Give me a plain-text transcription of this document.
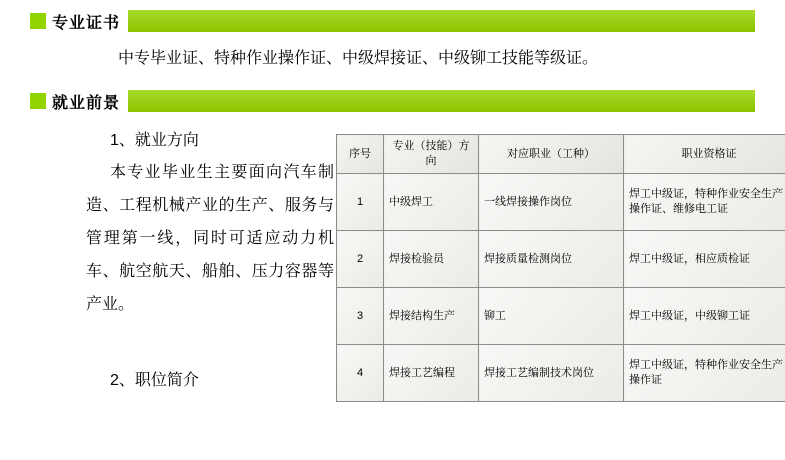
专业证书
中专毕业证、特种作业操作证、中级焊接证、中级铆工技能等级证。
就业前景
1、就业方向
本专业毕业生主要面向汽车制造、工程机械产业的生产、服务与管理第一线，同时可适应动力机车、航空航天、船舶、压力容器等产业。
2、职位简介
序号	专业（技能）方向	对应职业（工种）	职业资格证
1	中级焊工	一线焊接操作岗位	焊工中级证，特种作业安全生产操作证、维修电工证
2	焊接检验员	焊接质量检测岗位	焊工中级证，相应质检证
3	焊接结构生产	铆工	焊工中级证，中级铆工证
4	焊接工艺编程	焊接工艺编制技术岗位	焊工中级证，特种作业安全生产操作证
